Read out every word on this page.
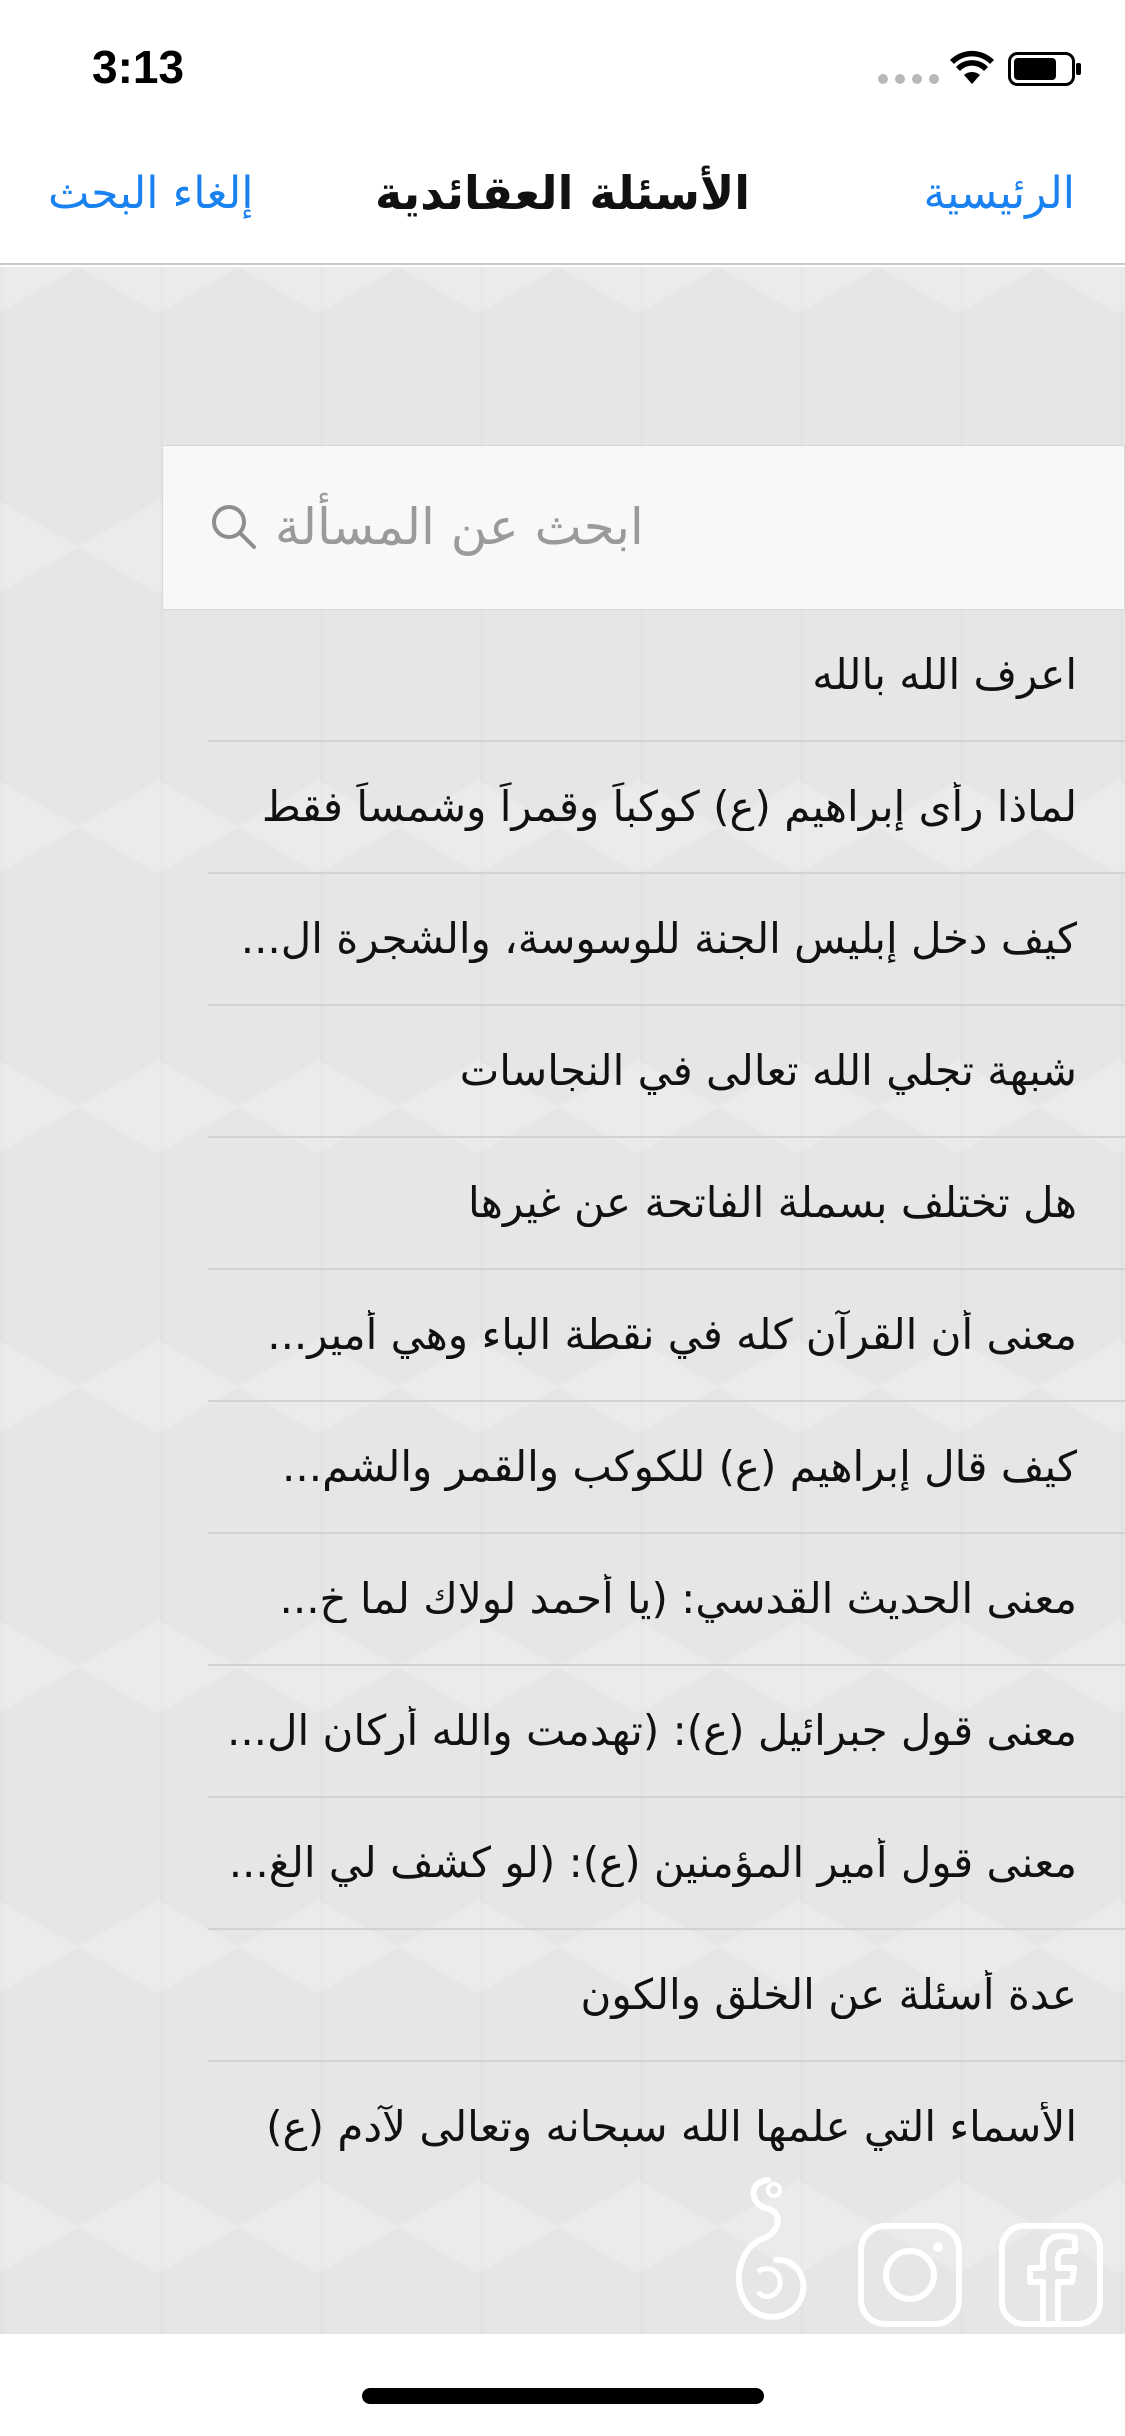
3:13
إلغاء البحث	الأسئلة العقائدية	الرئيسية
ابحث عن المسألة
اعرف الله بالله
لماذا رأى إبراهيم (ع) كوكباً وقمراً وشمساً فقط
كيف دخل إبليس الجنة للوسوسة، والشجرة ال...
شبهة تجلي الله تعالى في النجاسات
هل تختلف بسملة الفاتحة عن غيرها
معنى أن القرآن كله في نقطة الباء وهي أمير...
كيف قال إبراهيم (ع) للكوكب والقمر والشم...
معنى الحديث القدسي: (يا أحمد لولاك لما خ...
معنى قول جبرائيل (ع): (تهدمت والله أركان ال...
معنى قول أمير المؤمنين (ع): (لو كشف لي الغ...
عدة أسئلة عن الخلق والكون
الأسماء التي علمها الله سبحانه وتعالى لآدم (ع)
